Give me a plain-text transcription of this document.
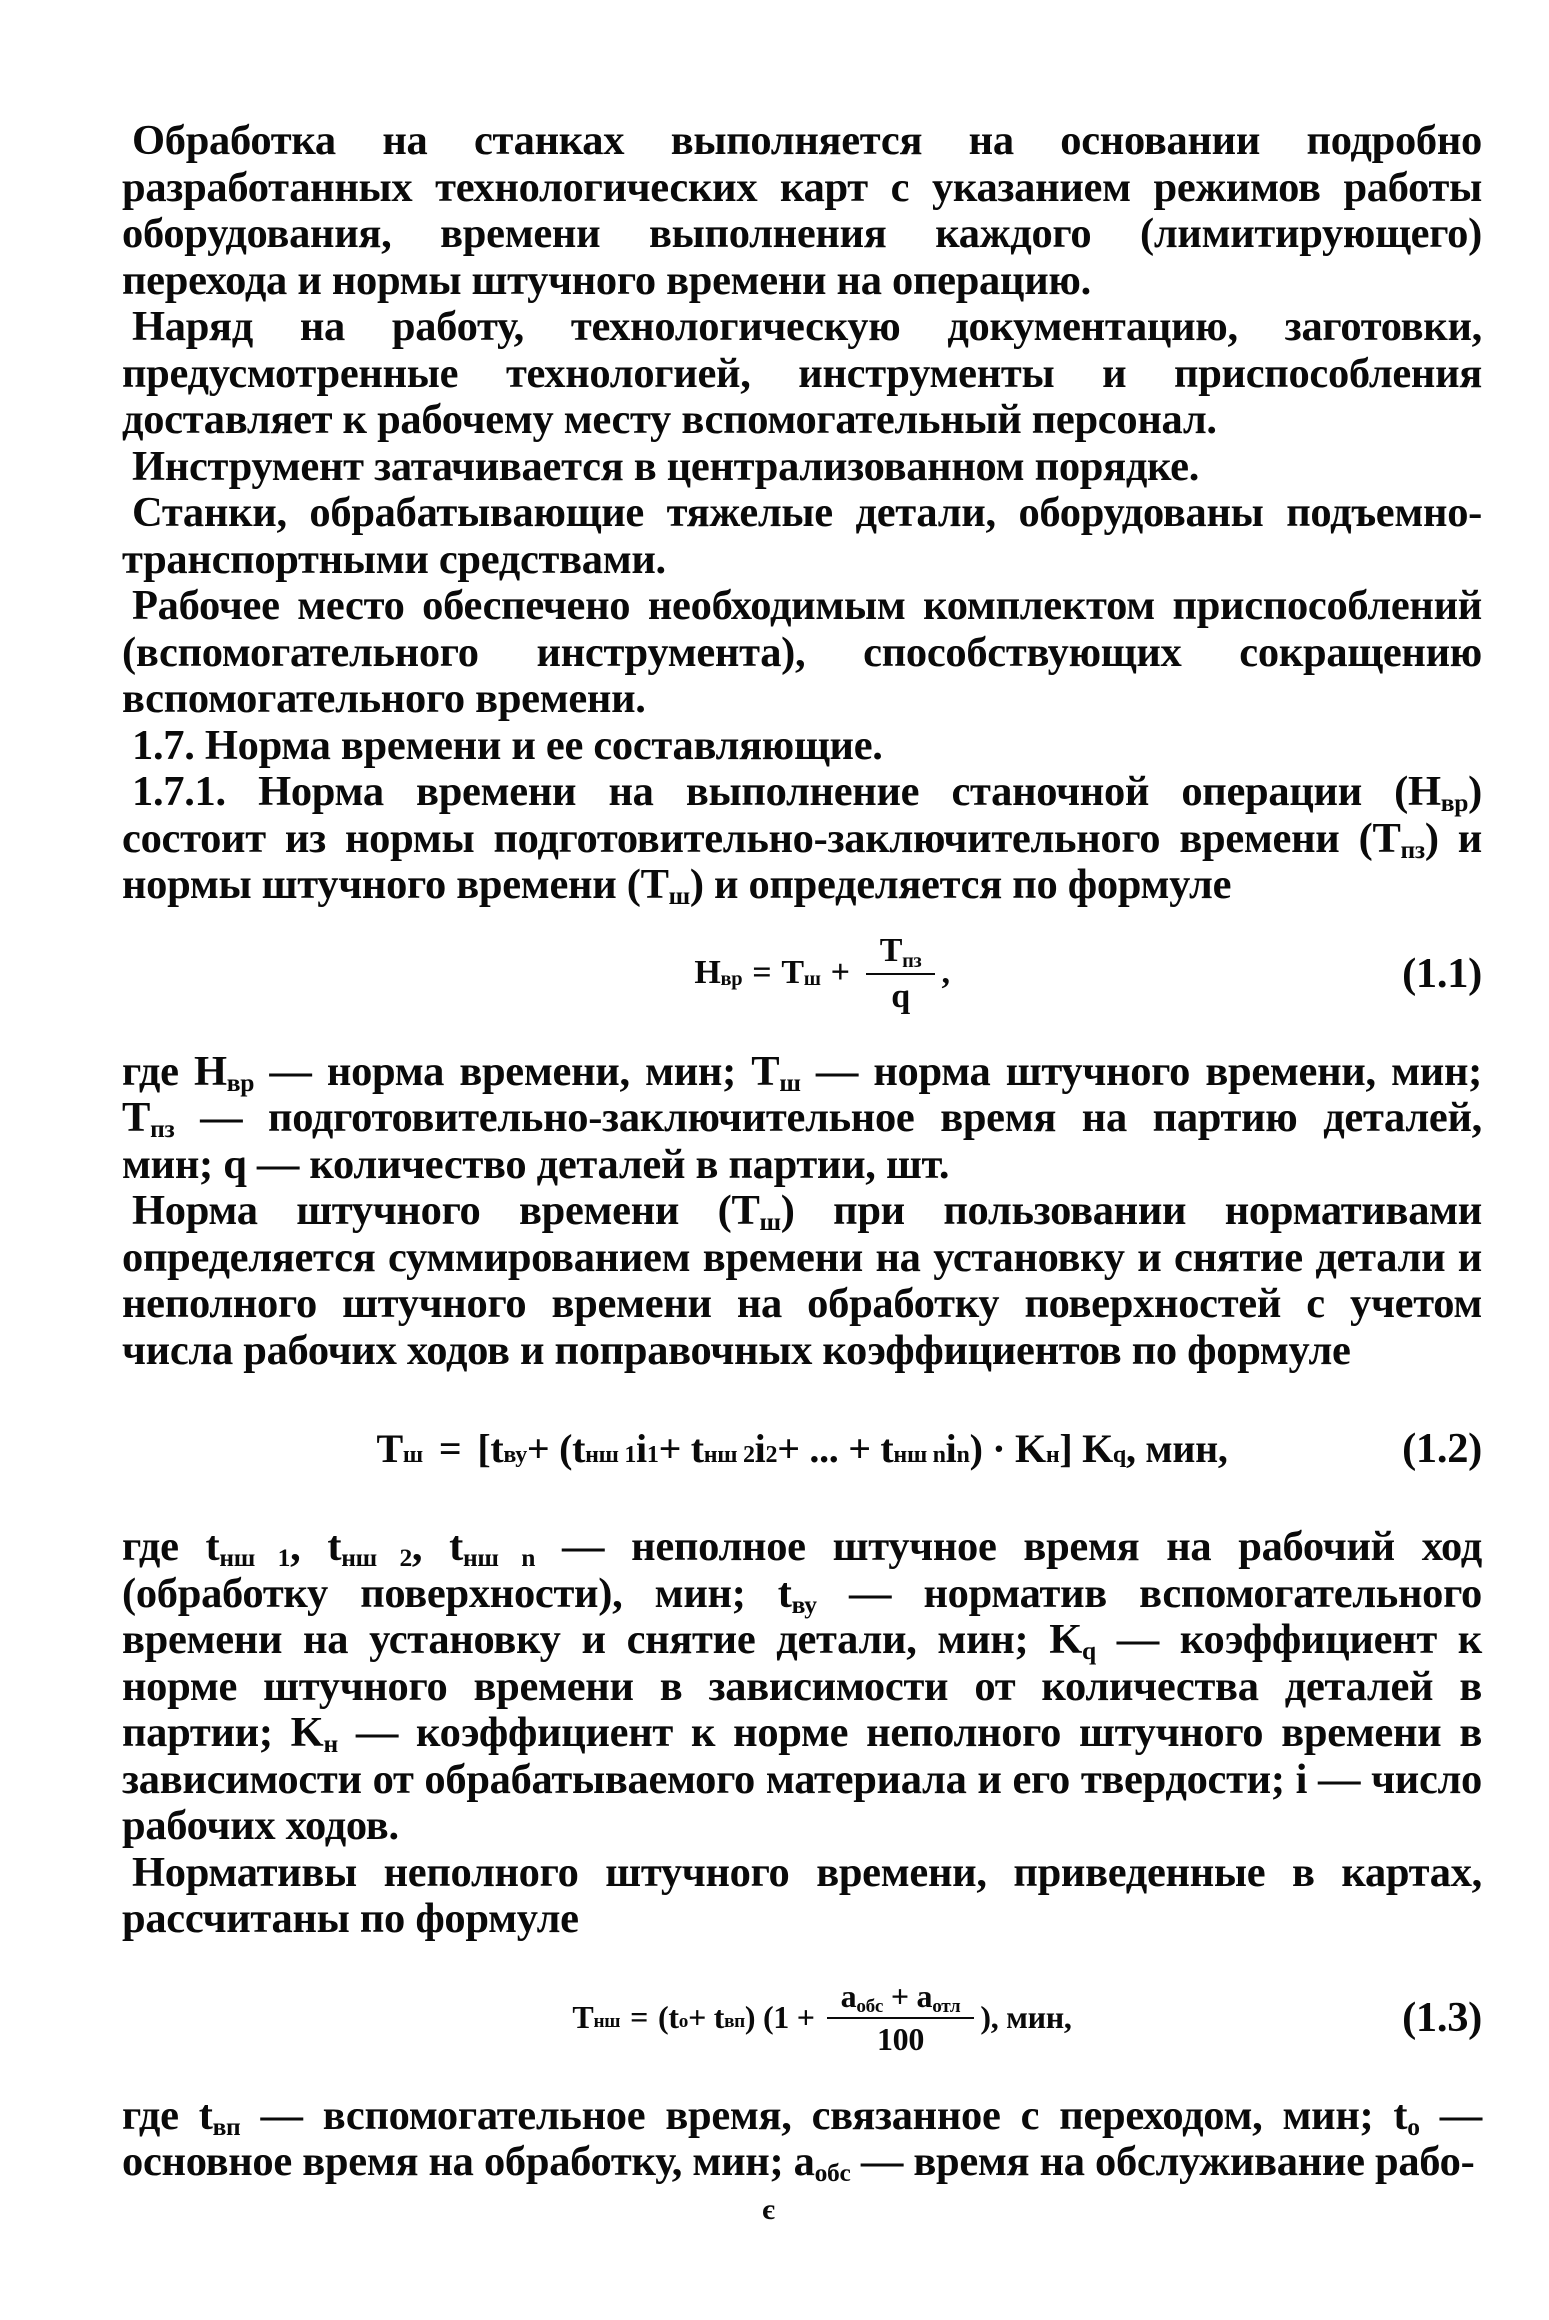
Обработка на станках выполняется на основании подробно разработанных технологических карт с указанием режимов работы оборудования, времени выполнения каждого (лимитирующего) перехода и нормы штучного времени на операцию.

Наряд на работу, технологическую документацию, заготовки, предусмотренные технологией, инструменты и приспособления доставляет к рабочему месту вспомогательный персонал.

Инструмент затачивается в централизованном порядке.

Станки, обрабатывающие тяжелые детали, оборудованы подъемно-транспортными средствами.

Рабочее место обеспечено необходимым комплектом приспособлений (вспомогательного инструмента), способствующих сокращению вспомогательного времени.

1.7. Норма времени и ее составляющие.

1.7.1. Норма времени на выполнение станочной операции $(Н_{вр})$ состоит из нормы подготовительно-заключительного времени $(Т_{пз})$ и нормы штучного времени $(Т_ш)$ и определяется по формуле

$Н_{вр} = Т_ш + \frac{Т_{пз}}{q}$ ,	(1.1)

где $Н_{вр}$ — норма времени, мин; $Т_ш$ — норма штучного времени, мин; $Т_{пз}$ — подготовительно-заключительное время на партию деталей, мин; q — количество деталей в партии, шт.

Норма штучного времени $(Т_ш)$ при пользовании нормативами определяется суммированием времени на установку и снятие детали и неполного штучного времени на обработку поверхностей с учетом числа рабочих ходов и поправочных коэффициентов по формуле

$Т_ш = [t_{ву} + (t_{нш 1}$ $i_1 + t_{нш 2}$ $i_2$ + ... + $t_{нш n}$ $i_n$ ) · $K_н$ ] $K_q$ , мин,	(1.2)

где $t_{нш 1}$, $t_{нш 2}$, $t_{нш n}$ — неполное штучное время на рабочий ход (обработку поверхности), мин; $t_{ву}$ — норматив вспомогательного времени на установку и снятие детали, мин; $K_q$ — коэффициент к норме штучного времени в зависимости от количества деталей в партии; $K_н$ — коэффициент к норме неполного штучного времени в зависимости от обрабатываемого материала и его твердости; i — число рабочих ходов.

Нормативы неполного штучного времени, приведенные в картах, рассчитаны по формуле

$Т_{нш} = (t_о + t_{вп}$ ) ($1 + \frac{a_{обс} + a_{отл}}{100}$ ), мин,	(1.3)

где $t_{вп}$ — вспомогательное время, связанное с переходом, мин; $t_о$ — основное время на обработку, мин; $a_{обс}$ — время на обслуживание рабо-

є
